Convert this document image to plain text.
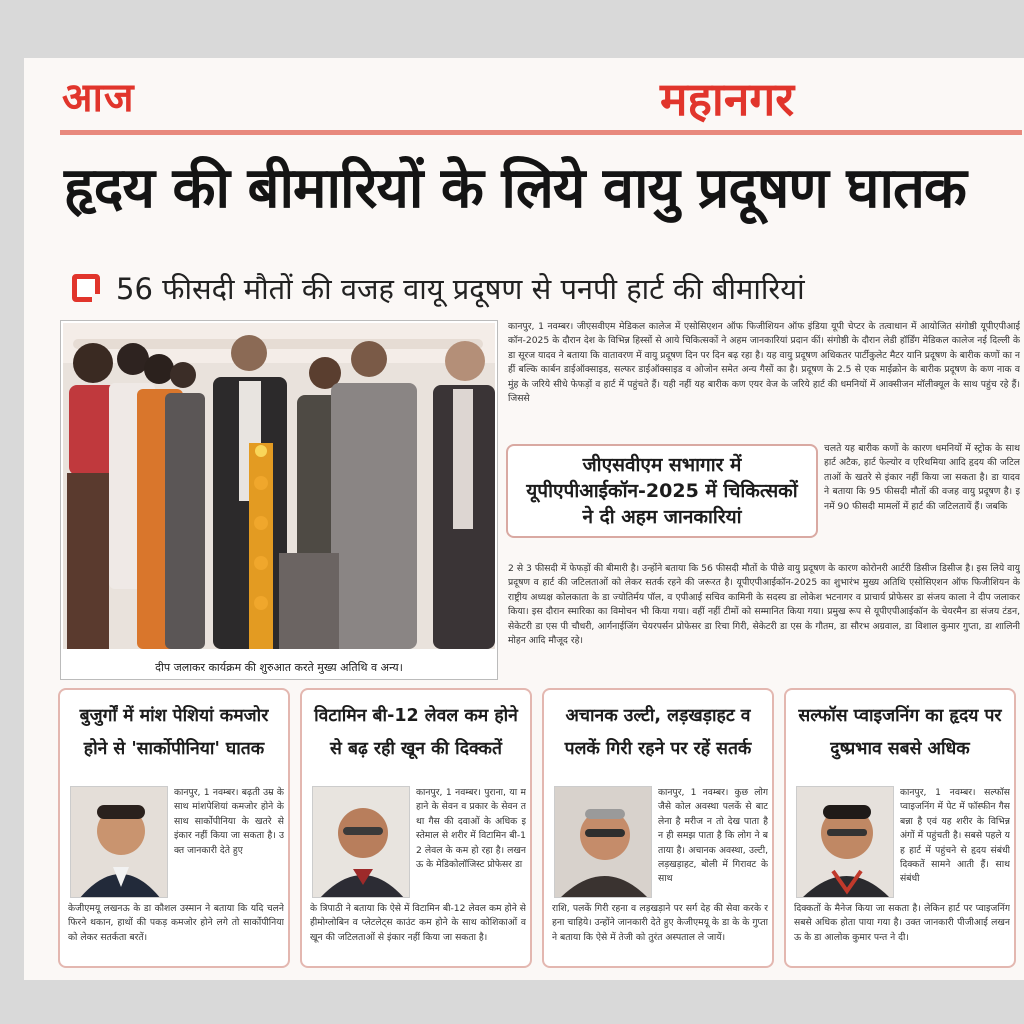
आज	महानगर
हृदय की बीमारियों के लिये वायु प्रदूषण घातक
56 फीसदी मौतों की वजह वायू प्रदूषण से पनपी हार्ट की बीमारियां
दीप जलाकर कार्यक्रम की शुरुआत करते मुख्य अतिथि व अन्य।
कानपुर, 1 नवम्बर। जीएसवीएम मेडिकल कालेज में एसोसिएशन ऑफ फिजीशियन ऑफ इंडिया यूपी चेप्टर के तत्वाधान में आयोजित संगोष्ठी यूपीएपीआईकॉन-2025 के दौरान देश के विभिन्न हिस्सों से आये चिकित्सकों ने अहम जानकारियां प्रदान कीं। संगोष्ठी के दौरान लेडी हॉर्डिंग मेडिकल कालेज नई दिल्ली के डा सूरज यादव ने बताया कि वातावरण में वायु प्रदूषण दिन पर दिन बढ़ रहा है। यह वायु प्रदूषण अधिकतर पार्टीकुलेट मैटर यानि प्रदूषण के बारीक कणों का नहीं बल्कि कार्बन डाईऑक्साइड, सल्फर डाईऑक्साइड व ओजोन समेत अन्य गैसों का है। प्रदूषण के 2.5 से एक माईक्रोन के बारीक प्रदूषण के कण नाक व मुंह के जरिये सीधे फेफड़ों व हार्ट में पहुंचते हैं। यही नहीं यह बारीक कण एयर वेज के जरिये हार्ट की धमनियों में आक्सीजन मॉलीक्यूल के साथ पहुंच रहे हैं। जिससे
जीएसवीएम सभागार में यूपीएपीआईकॉन-2025 में चिकित्सकों ने दी अहम जानकारियां
चलते यह बारीक कणों के कारण धमनियों में स्ट्रोक के साथ हार्ट अटैक, हार्ट फेल्योर व एरिथमिया आदि हृदय की जटिलताओं के खतरे से इंकार नहीं किया जा सकता है। डा यादव ने बताया कि 95 फीसदी मौतों की वजह वायु प्रदूषण है। इनमें 90 फीसदी मामलों में हार्ट की जटिलतायें हैं। जबकि
2 से 3 फीसदी में फेफड़ों की बीमारी है। उन्होंने बताया कि 56 फीसदी मौतों के पीछे वायु प्रदूषण के कारण कोरोनरी आर्टरी डिसीज डिसीज है। इस लिये वायु प्रदूषण व हार्ट की जटिलताओं को लेकर सतर्क रहने की जरूरत है। यूपीएपीआईकॉन-2025 का शुभारंभ मुख्य अतिथि एसोसिएशन ऑफ फिजीशियन के राष्ट्रीय अध्यक्ष कोलकाता के डा ज्योतिर्मय पॉल, व एपीआई सचिव कामिनी के सदस्य डा लोकेश भटनागर व प्राचार्य प्रोफेसर डा संजय काला ने दीप जलाकर किया। इस दौरान स्मारिका का विमोचन भी किया गया। वहीं नहीं टीमों को सम्मानित किया गया। प्रमुख रूप से यूपीएपीआईकॉन के चेयरमैन डा संजय टंडन, सेकेटरी डा एस पी चौधरी, आर्गनाईजिंग चेयरपर्सन प्रोफेसर डा रिचा गिरी, सेकेटरी डा एस के गौतम, डा सौरभ अग्रवाल, डा विशाल कुमार गुप्ता, डा शालिनी मोहन आदि मौजूद रहे।
बुजुर्गों में मांश पेशियां कमजोर होने से 'सार्कोपीनिया' घातक
कानपुर, 1 नवम्बर। बढ़ती उम्र के साथ मांशपेशियां कमजोर होने के साथ सार्कोपीनिया के खतरे से इंकार नहीं किया जा सकता है। उक्त जानकारी देते हुए
केजीएमयू लखनऊ के डा कौशल उस्मान ने बताया कि यदि चलने फिरने थकान, हाथों की पकड़ कमजोर होने लगे तो सार्कोपीनिया को लेकर सतर्कता बरतें।
विटामिन बी-12 लेवल कम होने से बढ़ रही खून की दिक्कतें
कानपुर, 1 नवम्बर। पुराना, या महाने के सेवन व प्रकार के सेवन तथा गैस की दवाओं के अधिक इस्तेमाल से शरीर में विटामिन बी-12 लेवल के कम हो रहा है। लखनऊ के मेडिकोलॉजिस्ट प्रोफेसर डा
के त्रिपाठी ने बताया कि ऐसे में विटामिन बी-12 लेवल कम होने से हीमोग्लोबिन व प्लेटलेट्स काउंट कम होने के साथ कोशिकाओं व खून की जटिलताओं से इंकार नहीं किया जा सकता है।
अचानक उल्टी, लड़खड़ाहट व पलकें गिरी रहने पर रहें सतर्क
कानपुर, 1 नवम्बर। कुछ लोग जैसे कोल अवस्था पलकें से बाट लेना है मरीज न तो देख पाता है न ही समझ पाता है कि लोग ने बताया है। अचानक अवस्था, उल्टी, लड़खड़ाहट, बोली में गिरावट के साथ
राशि, पलकें गिरी रहना व लड़खड़ाने पर सर्ग देह की सेवा करके रहना चाहिये। उन्होंने जानकारी देते हुए केजीएमयू के डा के के गुप्ता ने बताया कि ऐसे में तेजी को तुरंत अस्पताल ले जायें।
सल्फॉस प्वाइजनिंग का हृदय पर दुष्प्रभाव सबसे अधिक
कानपुर, 1 नवम्बर। सल्फॉस प्वाइजनिंग में पेट में फॉस्फीन गैस बन्ना है एवं यह शरीर के विभिन्न अंगों में पहुंचती है। सबसे पहले यह हार्ट में पहुंचने से हृदय संबंधी दिक्कतें सामने आती हैं। साथ संबंधी
दिक्कतों के मैनेज किया जा सकता है। लेकिन हार्ट पर प्वाइजनिंग सबसे अधिक होता पाया गया है। उक्त जानकारी पीजीआई लखनऊ के डा आलोक कुमार पन्त ने दी।
